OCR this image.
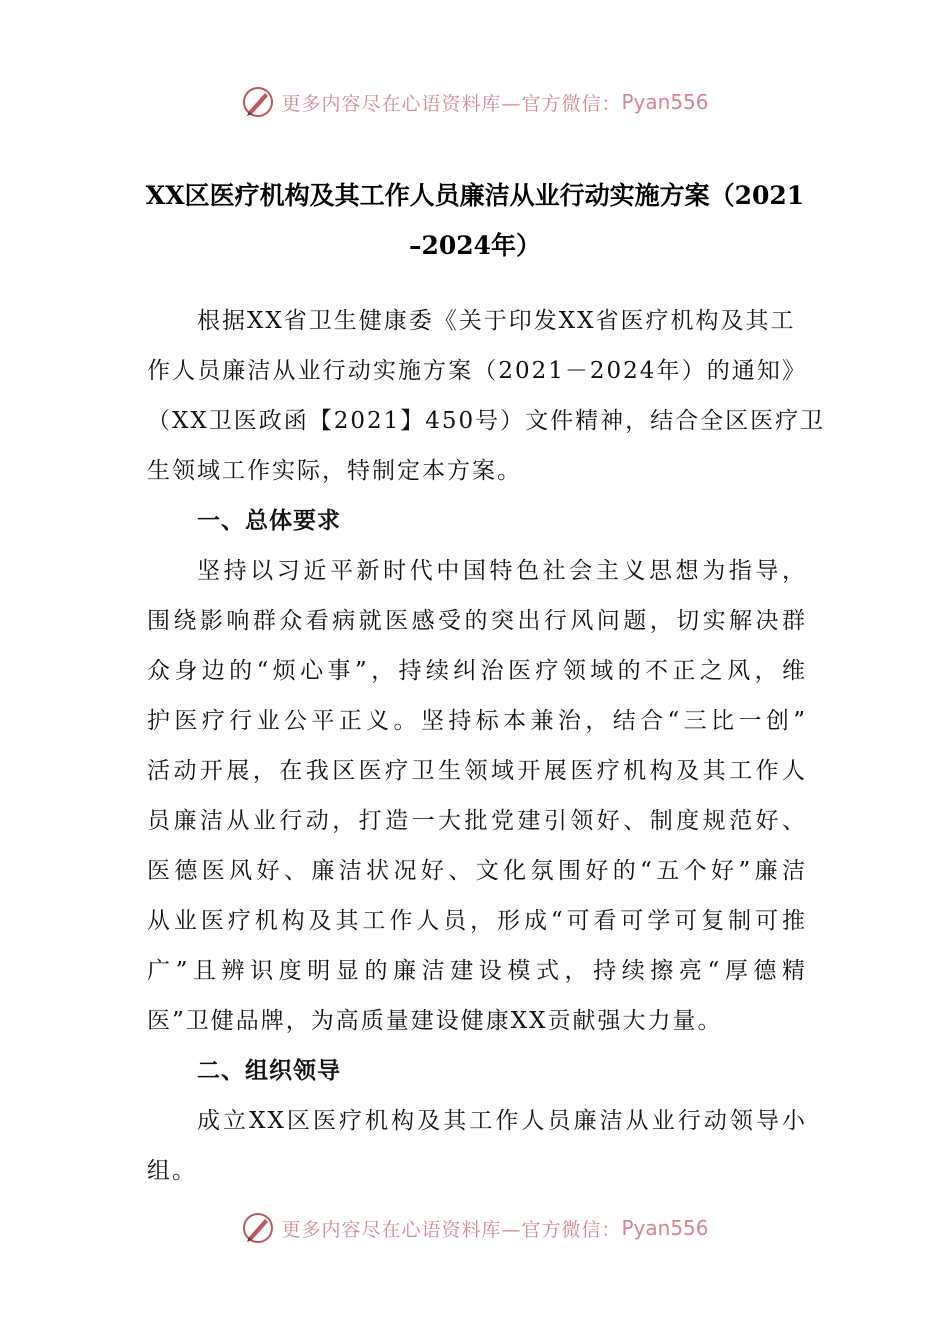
更多内容尽在心语资料库—官方微信： Pyan556
XX区医疗机构及其工作人员廉洁从业行动实施方案（2021
–2024年）
根据XX省卫生健康委《关于印发XX省医疗机构及其工
作人员廉洁从业行动实施方案（2021－2024年）的通知》
（XX卫医政函【2021】450号）文件精神，结合全区医疗卫
生领域工作实际，特制定本方案。
一、总体要求
坚持以习近平新时代中国特色社会主义思想为指导，
围绕影响群众看病就医感受的突出行风问题，切实解决群
众身边的“烦心事”，持续纠治医疗领域的不正之风，维
护医疗行业公平正义。坚持标本兼治，结合“三比一创”
活动开展，在我区医疗卫生领域开展医疗机构及其工作人
员廉洁从业行动，打造一大批党建引领好、制度规范好、
医德医风好、廉洁状况好、文化氛围好的“五个好”廉洁
从业医疗机构及其工作人员，形成“可看可学可复制可推
广”且辨识度明显的廉洁建设模式，持续擦亮“厚德精
医”卫健品牌，为高质量建设健康XX贡献强大力量。
二、组织领导
成立XX区医疗机构及其工作人员廉洁从业行动领导小
组。
更多内容尽在心语资料库—官方微信： Pyan556
